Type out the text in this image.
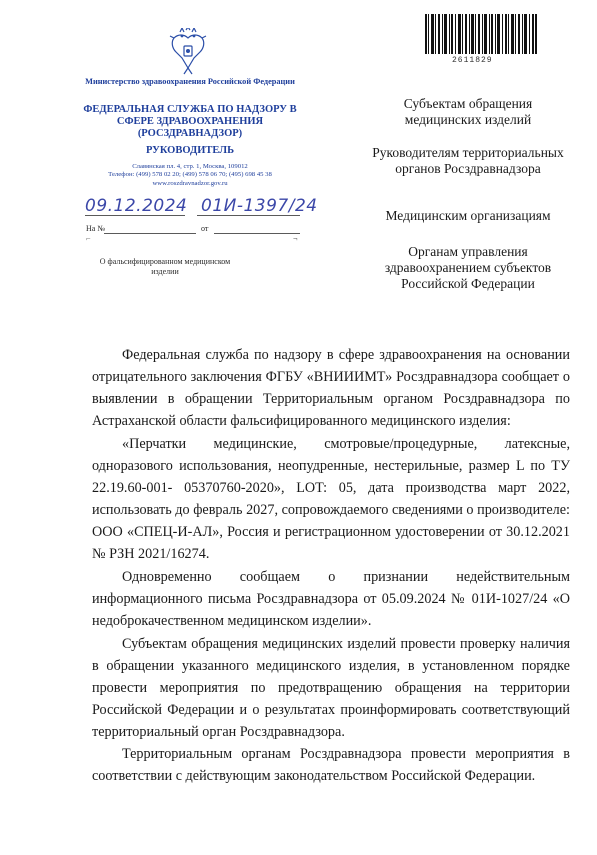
Министерство здравоохранения Российской Федерации
ФЕДЕРАЛЬНАЯ СЛУЖБА ПО НАДЗОРУ В СФЕРЕ ЗДРАВООХРАНЕНИЯ (РОСЗДРАВНАДЗОР)
РУКОВОДИТЕЛЬ
Славянская пл. 4, стр. 1, Москва, 109012
Телефон: (499) 578 02 20; (499) 578 06 70; (495) 698 45 38
www.roszdravnadzor.gov.ru
09.12.2024 01И-1397/24
На №	от
⌐	¬
О фальсифицированном медицинском изделии
2611829
Субъектам обращения медицинских изделий
Руководителям территориальных органов Росздравнадзора
Медицинским организациям
Органам управления здравоохранением субъектов Российской Федерации
Федеральная служба по надзору в сфере здравоохранения на основании отрицательного заключения ФГБУ «ВНИИИМТ» Росздравнадзора сообщает о выявлении в обращении Территориальным органом Росздравнадзора по Астраханской области фальсифицированного медицинского изделия:
«Перчатки медицинские, смотровые/процедурные, латексные, одноразового использования, неопудренные, нестерильные, размер L по ТУ 22.19.60-001- 05370760-2020», LOT: 05, дата производства март 2022, использовать до февраль 2027, сопровождаемого сведениями о производителе: ООО «СПЕЦ-И-АЛ», Россия и регистрационном удостоверении от 30.12.2021 № РЗН 2021/16274.
Одновременно сообщаем о признании недействительным информационного письма Росздравнадзора от 05.09.2024 № 01И-1027/24 «О недоброкачественном медицинском изделии».
Субъектам обращения медицинских изделий провести проверку наличия в обращении указанного медицинского изделия, в установленном порядке провести мероприятия по предотвращению обращения на территории Российской Федерации и о результатах проинформировать соответствующий территориальный орган Росздравнадзора.
Территориальным органам Росздравнадзора провести мероприятия в соответствии с действующим законодательством Российской Федерации.
